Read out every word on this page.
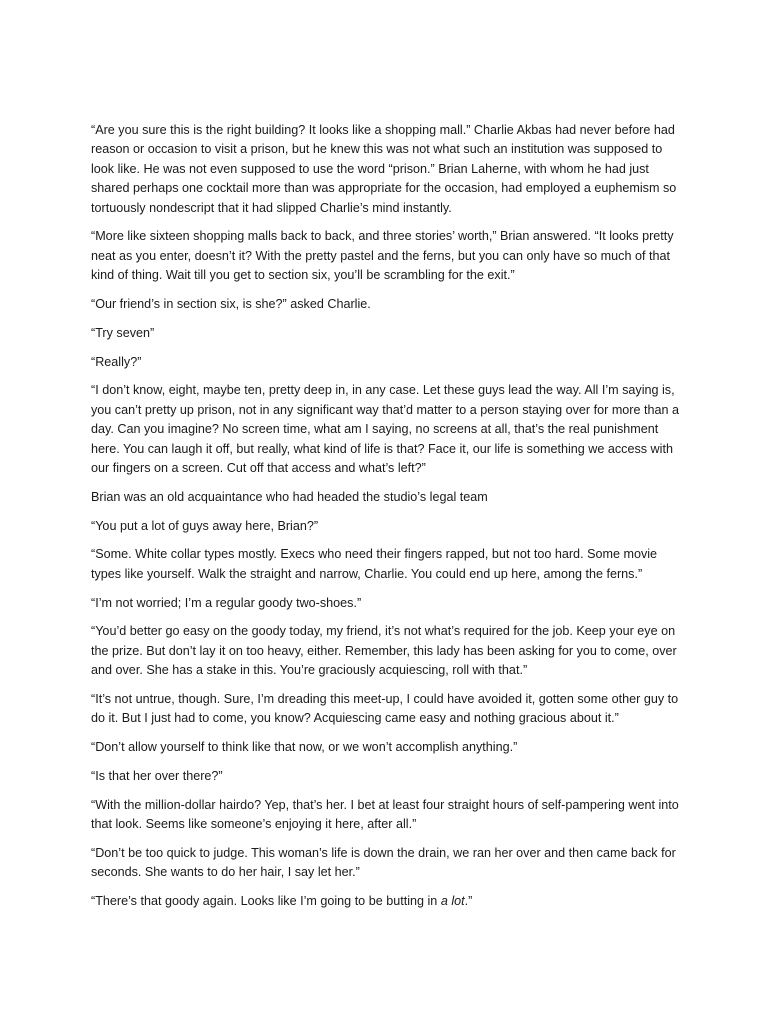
“Are you sure this is the right building? It looks like a shopping mall.” Charlie Akbas had never before had reason or occasion to visit a prison, but he knew this was not what such an institution was supposed to look like. He was not even supposed to use the word “prison.” Brian Laherne, with whom he had just shared perhaps one cocktail more than was appropriate for the occasion, had employed a euphemism so tortuously nondescript that it had slipped Charlie’s mind instantly.

“More like sixteen shopping malls back to back, and three stories’ worth,” Brian answered. “It looks pretty neat as you enter, doesn’t it? With the pretty pastel and the ferns, but you can only have so much of that kind of thing. Wait till you get to section six, you’ll be scrambling for the exit.”

“Our friend’s in section six, is she?” asked Charlie.

“Try seven”

“Really?”

“I don’t know, eight, maybe ten, pretty deep in, in any case. Let these guys lead the way. All I’m saying is, you can’t pretty up prison, not in any significant way that’d matter to a person staying over for more than a day. Can you imagine? No screen time, what am I saying, no screens at all, that’s the real punishment here. You can laugh it off, but really, what kind of life is that? Face it, our life is something we access with our fingers on a screen. Cut off that access and what’s left?”

Brian was an old acquaintance who had headed the studio’s legal team

“You put a lot of guys away here, Brian?”

“Some. White collar types mostly. Execs who need their fingers rapped, but not too hard. Some movie types like yourself. Walk the straight and narrow, Charlie. You could end up here, among the ferns.”

“I’m not worried; I’m a regular goody two-shoes.”

“You’d better go easy on the goody today, my friend, it’s not what’s required for the job. Keep your eye on the prize. But don’t lay it on too heavy, either. Remember, this lady has been asking for you to come, over and over. She has a stake in this. You’re graciously acquiescing, roll with that.”

“It’s not untrue, though. Sure, I’m dreading this meet-up, I could have avoided it, gotten some other guy to do it. But I just had to come, you know? Acquiescing came easy and nothing gracious about it.”

“Don’t allow yourself to think like that now, or we won’t accomplish anything.”

“Is that her over there?”

“With the million-dollar hairdo? Yep, that’s her. I bet at least four straight hours of self-pampering went into that look. Seems like someone’s enjoying it here, after all.”

“Don’t be too quick to judge. This woman’s life is down the drain, we ran her over and then came back for seconds. She wants to do her hair, I say let her.”

“There’s that goody again. Looks like I’m going to be butting in a lot.”
